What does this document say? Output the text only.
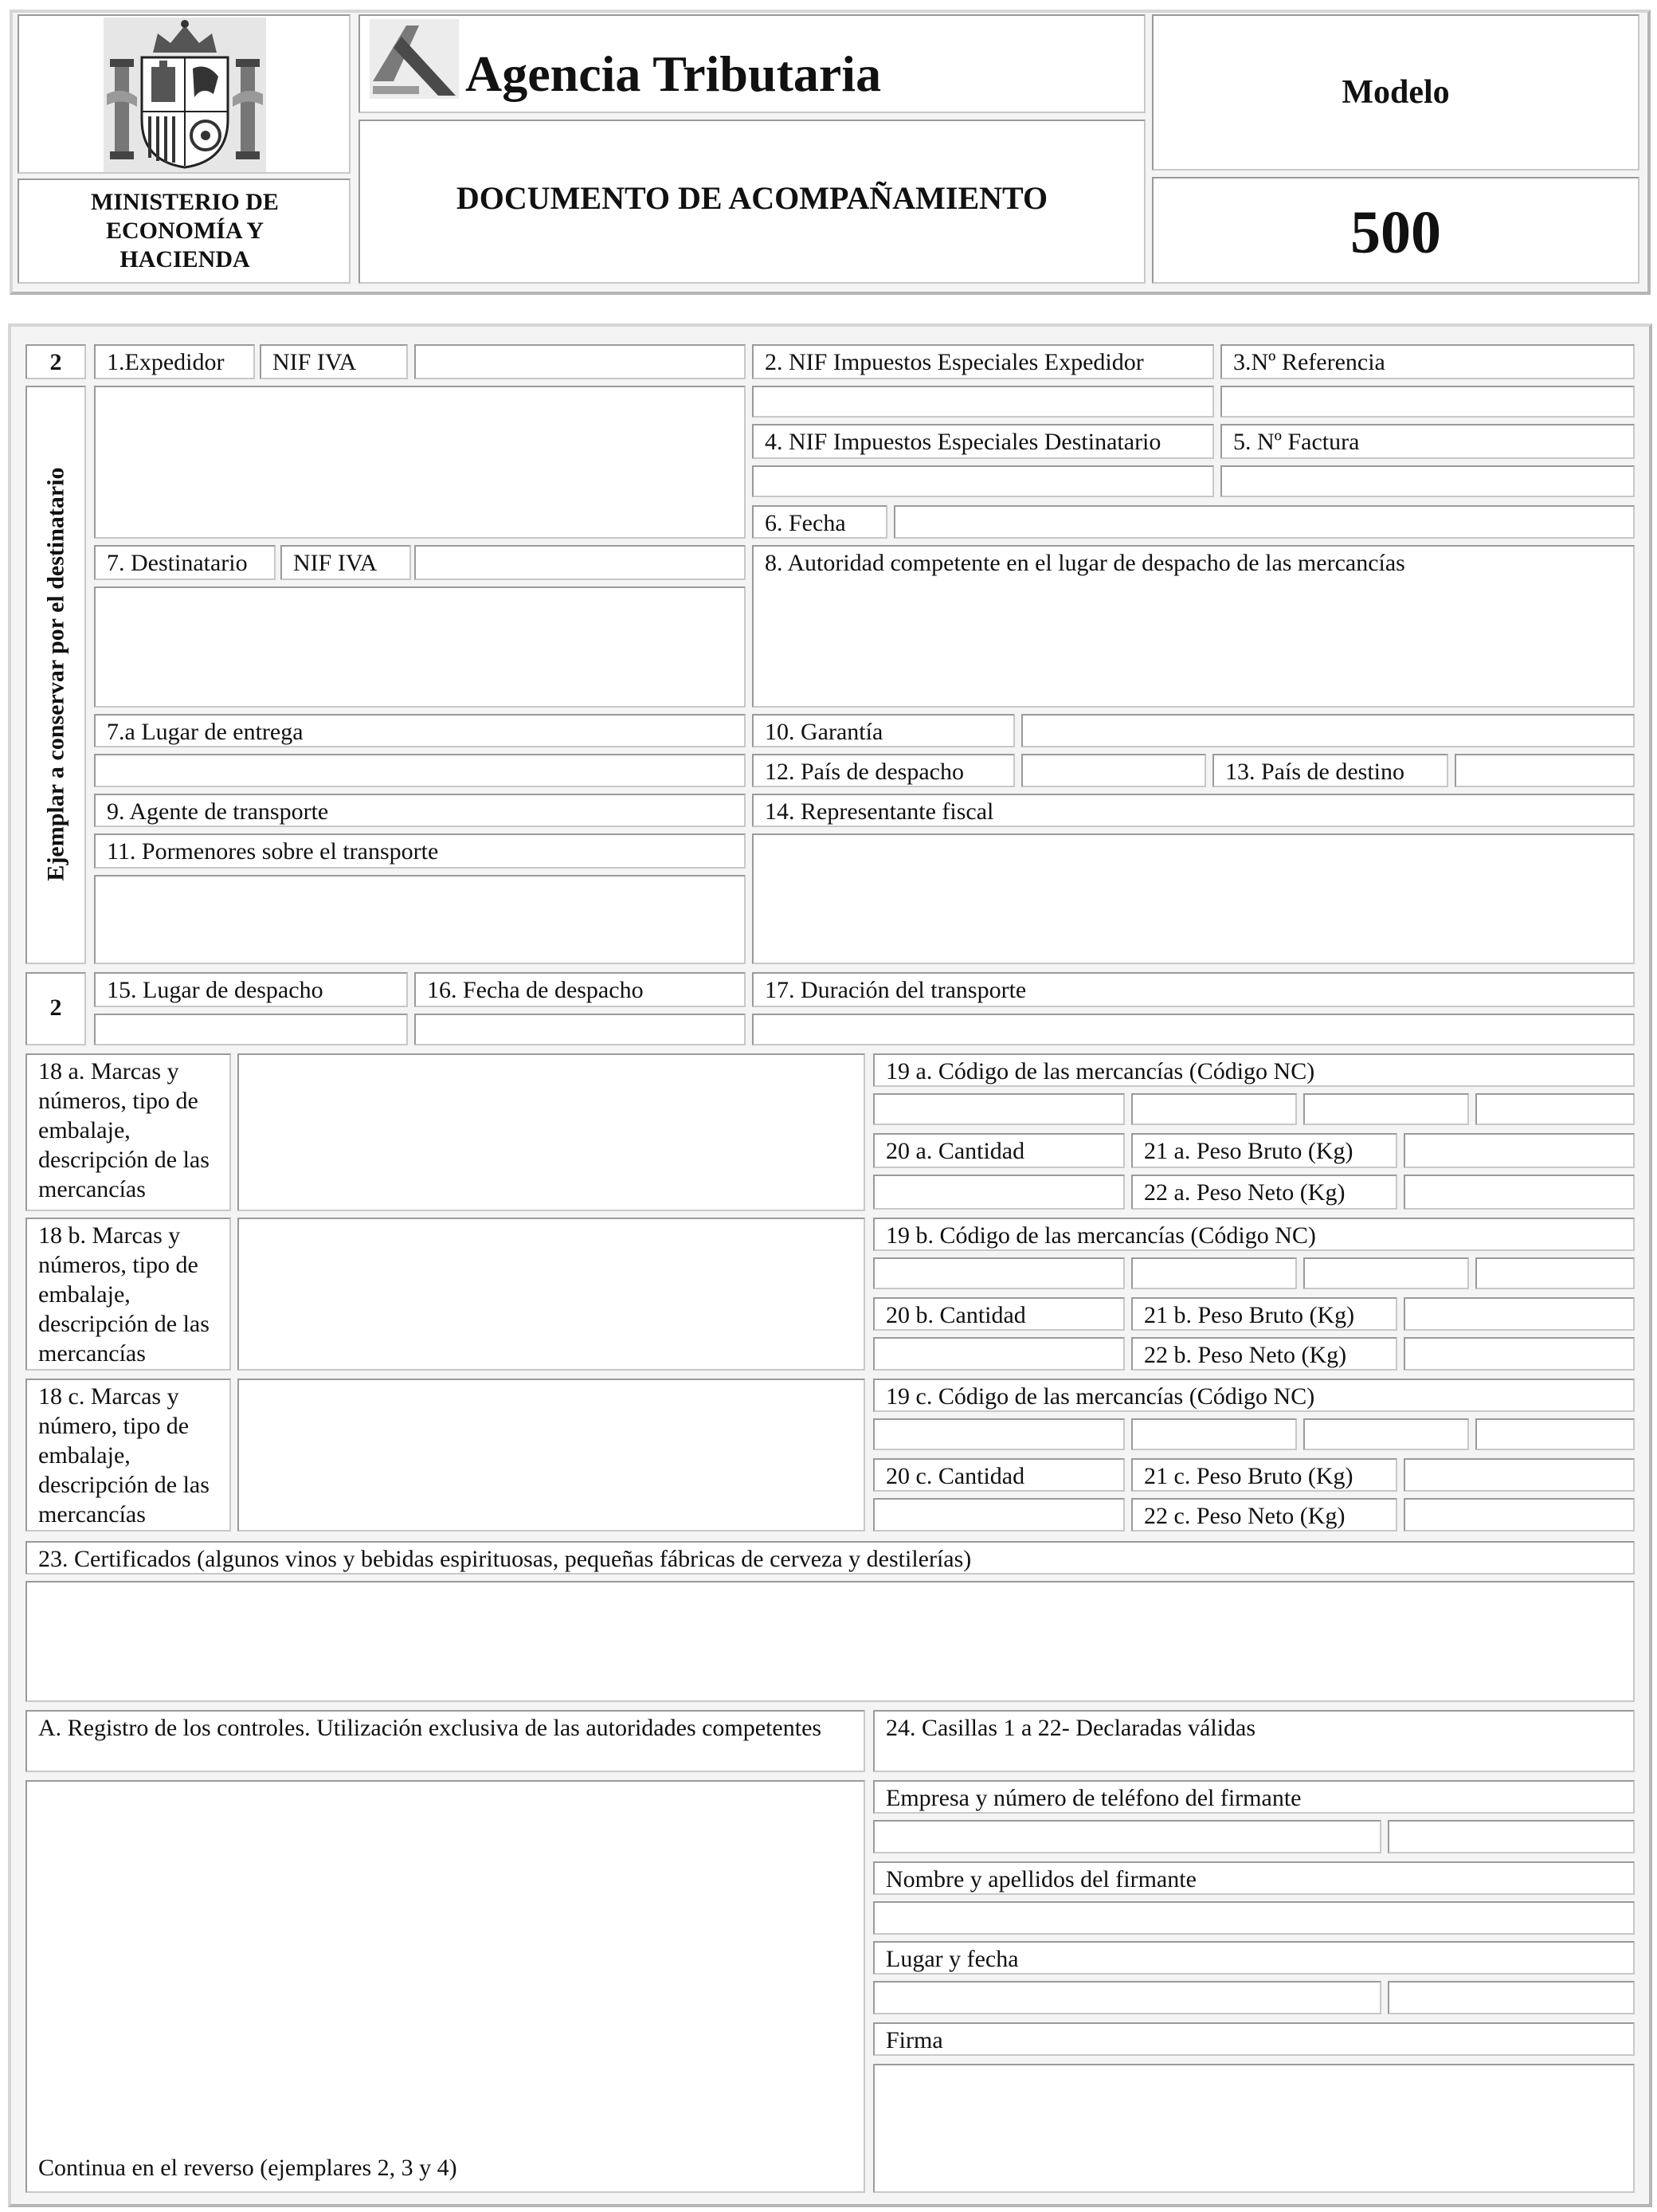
MINISTERIO DE ECONOMÍA Y HACIENDA
Agencia Tributaria
DOCUMENTO DE ACOMPAÑAMIENTO
Modelo
500
2	1.Expedidor NIF IVA	2. NIF Impuestos Especiales Expedidor	3.Nº Referencia
Ejemplar a conservar por el destinatario
4. NIF Impuestos Especiales Destinatario	5. Nº Factura
6. Fecha
7. Destinatario NIF IVA	8. Autoridad competente en el lugar de despacho de las mercancías
7.a Lugar de entrega	10. Garantía
12. País de despacho	13. País de destino
9. Agente de transporte	14. Representante fiscal
11. Pormenores sobre el transporte
2
15. Lugar de despacho	16. Fecha de despacho	17. Duración del transporte
18 a. Marcas y números, tipo de embalaje, descripción de las mercancías
19 a. Código de las mercancías (Código NC)
20 a. Cantidad	21 a. Peso Bruto (Kg)
22 a. Peso Neto (Kg)
18 b. Marcas y números, tipo de embalaje, descripción de las mercancías
19 b. Código de las mercancías (Código NC)
20 b. Cantidad	21 b. Peso Bruto (Kg)
22 b. Peso Neto (Kg)
18 c. Marcas y número, tipo de embalaje, descripción de las mercancías
19 c. Código de las mercancías (Código NC)
20 c. Cantidad	21 c. Peso Bruto (Kg)
22 c. Peso Neto (Kg)
23. Certificados (algunos vinos y bebidas espirituosas, pequeñas fábricas de cerveza y destilerías)
A. Registro de los controles. Utilización exclusiva de las autoridades competentes	24. Casillas 1 a 22- Declaradas válidas
Continua en el reverso (ejemplares 2, 3 y 4)
Empresa y número de teléfono del firmante
Nombre y apellidos del firmante
Lugar y fecha
Firma
